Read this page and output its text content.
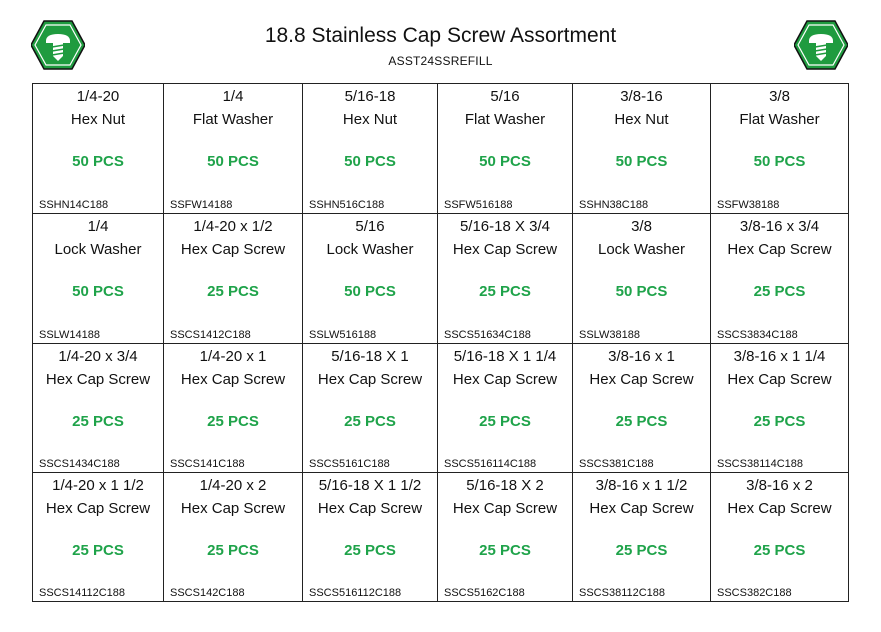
18.8 Stainless Cap Screw Assortment
ASST24SSREFILL
1/4-20
Hex Nut
50 PCS
SSHN14C188
1/4
Flat Washer
50 PCS
SSFW14188
5/16-18
Hex Nut
50 PCS
SSHN516C188
5/16
Flat Washer
50 PCS
SSFW516188
3/8-16
Hex Nut
50 PCS
SSHN38C188
3/8
Flat Washer
50 PCS
SSFW38188
1/4
Lock Washer
50 PCS
SSLW14188
1/4-20 x 1/2
Hex Cap Screw
25 PCS
SSCS1412C188
5/16
Lock Washer
50 PCS
SSLW516188
5/16-18 X 3/4
Hex Cap Screw
25 PCS
SSCS51634C188
3/8
Lock Washer
50 PCS
SSLW38188
3/8-16 x 3/4
Hex Cap Screw
25 PCS
SSCS3834C188
1/4-20 x 3/4
Hex Cap Screw
25 PCS
SSCS1434C188
1/4-20 x 1
Hex Cap Screw
25 PCS
SSCS141C188
5/16-18 X 1
Hex Cap Screw
25 PCS
SSCS5161C188
5/16-18 X 1 1/4
Hex Cap Screw
25 PCS
SSCS516114C188
3/8-16 x 1
Hex Cap Screw
25 PCS
SSCS381C188
3/8-16 x 1 1/4
Hex Cap Screw
25 PCS
SSCS38114C188
1/4-20 x 1 1/2
Hex Cap Screw
25 PCS
SSCS14112C188
1/4-20 x 2
Hex Cap Screw
25 PCS
SSCS142C188
5/16-18 X 1 1/2
Hex Cap Screw
25 PCS
SSCS516112C188
5/16-18 X 2
Hex Cap Screw
25 PCS
SSCS5162C188
3/8-16 x 1 1/2
Hex Cap Screw
25 PCS
SSCS38112C188
3/8-16 x 2
Hex Cap Screw
25 PCS
SSCS382C188
